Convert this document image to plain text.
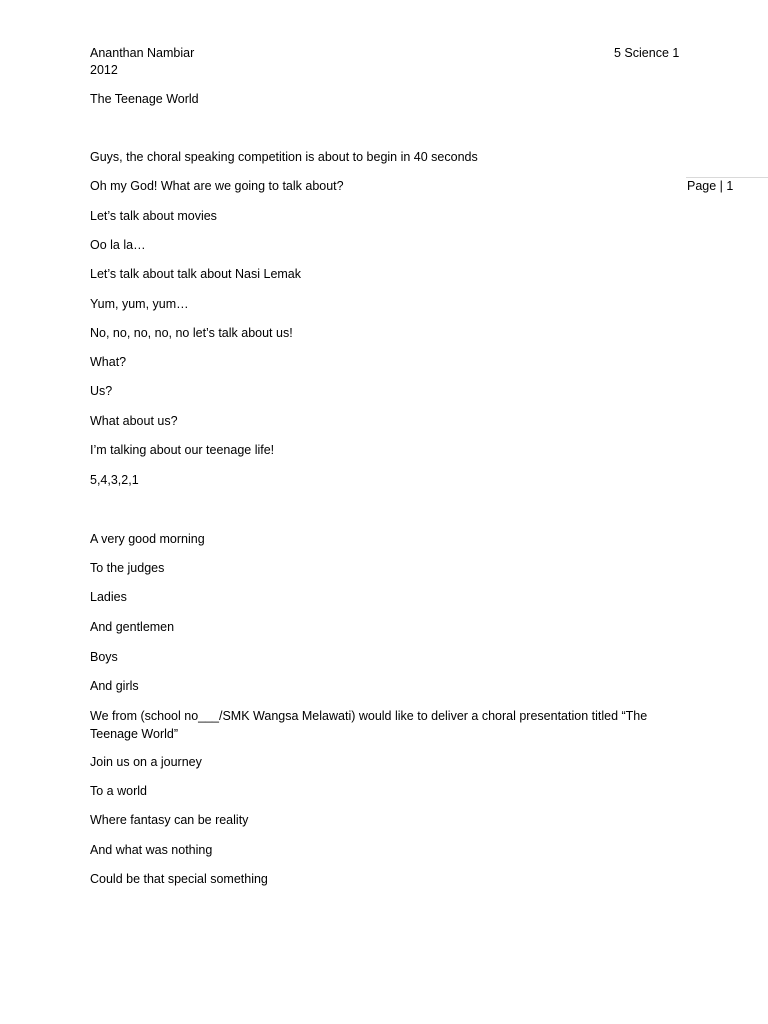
Ananthan Nambiar	5 Science 1
2012
The Teenage World
Page | 1
Guys, the choral speaking competition is about to begin in 40 seconds
Oh my God! What are we going to talk about?
Let’s talk about movies
Oo la la…
Let’s talk about talk about Nasi Lemak
Yum, yum, yum…
No, no, no, no, no let’s talk about us!
What?
Us?
What about us?
I’m talking about our teenage life!
5,4,3,2,1
A very good morning
To the judges
Ladies
And gentlemen
Boys
And girls
We from (school no___/SMK Wangsa Melawati) would like to deliver a choral presentation titled “The Teenage World”
Join us on a journey
To a world
Where fantasy can be reality
And what was nothing
Could be that special something
